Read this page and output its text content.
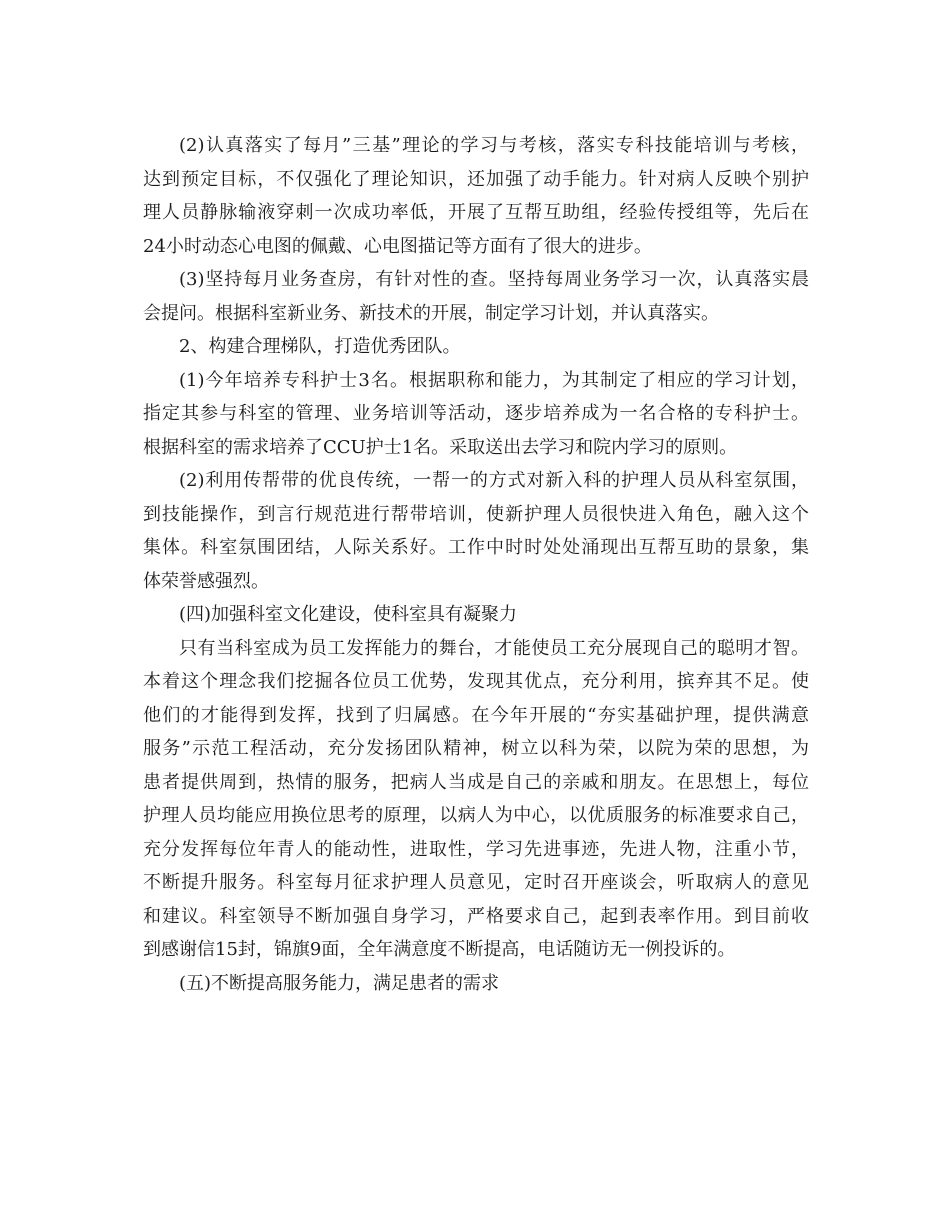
(2)认真落实了每月”三基”理论的学习与考核，落实专科技能培训与考核，
达到预定目标，不仅强化了理论知识，还加强了动手能力。针对病人反映个别护
理人员静脉输液穿刺一次成功率低，开展了互帮互助组，经验传授组等，先后在
24小时动态心电图的佩戴、心电图描记等方面有了很大的进步。
(3)坚持每月业务查房，有针对性的查。坚持每周业务学习一次，认真落实晨
会提问。根据科室新业务、新技术的开展，制定学习计划，并认真落实。
2、构建合理梯队，打造优秀团队。
(1)今年培养专科护士3名。根据职称和能力，为其制定了相应的学习计划，
指定其参与科室的管理、业务培训等活动，逐步培养成为一名合格的专科护士。
根据科室的需求培养了CCU护士1名。采取送出去学习和院内学习的原则。
(2)利用传帮带的优良传统，一帮一的方式对新入科的护理人员从科室氛围，
到技能操作，到言行规范进行帮带培训，使新护理人员很快进入角色，融入这个
集体。科室氛围团结，人际关系好。工作中时时处处涌现出互帮互助的景象，集
体荣誉感强烈。
(四)加强科室文化建设，使科室具有凝聚力
只有当科室成为员工发挥能力的舞台，才能使员工充分展现自己的聪明才智。
本着这个理念我们挖掘各位员工优势，发现其优点，充分利用，摈弃其不足。使
他们的才能得到发挥，找到了归属感。在今年开展的“夯实基础护理，提供满意
服务”示范工程活动，充分发扬团队精神，树立以科为荣，以院为荣的思想，为
患者提供周到，热情的服务，把病人当成是自己的亲戚和朋友。在思想上，每位
护理人员均能应用换位思考的原理，以病人为中心，以优质服务的标准要求自己，
充分发挥每位年青人的能动性，进取性，学习先进事迹，先进人物，注重小节，
不断提升服务。科室每月征求护理人员意见，定时召开座谈会，听取病人的意见
和建议。科室领导不断加强自身学习，严格要求自己，起到表率作用。到目前收
到感谢信15封，锦旗9面，全年满意度不断提高，电话随访无一例投诉的。
(五)不断提高服务能力，满足患者的需求
